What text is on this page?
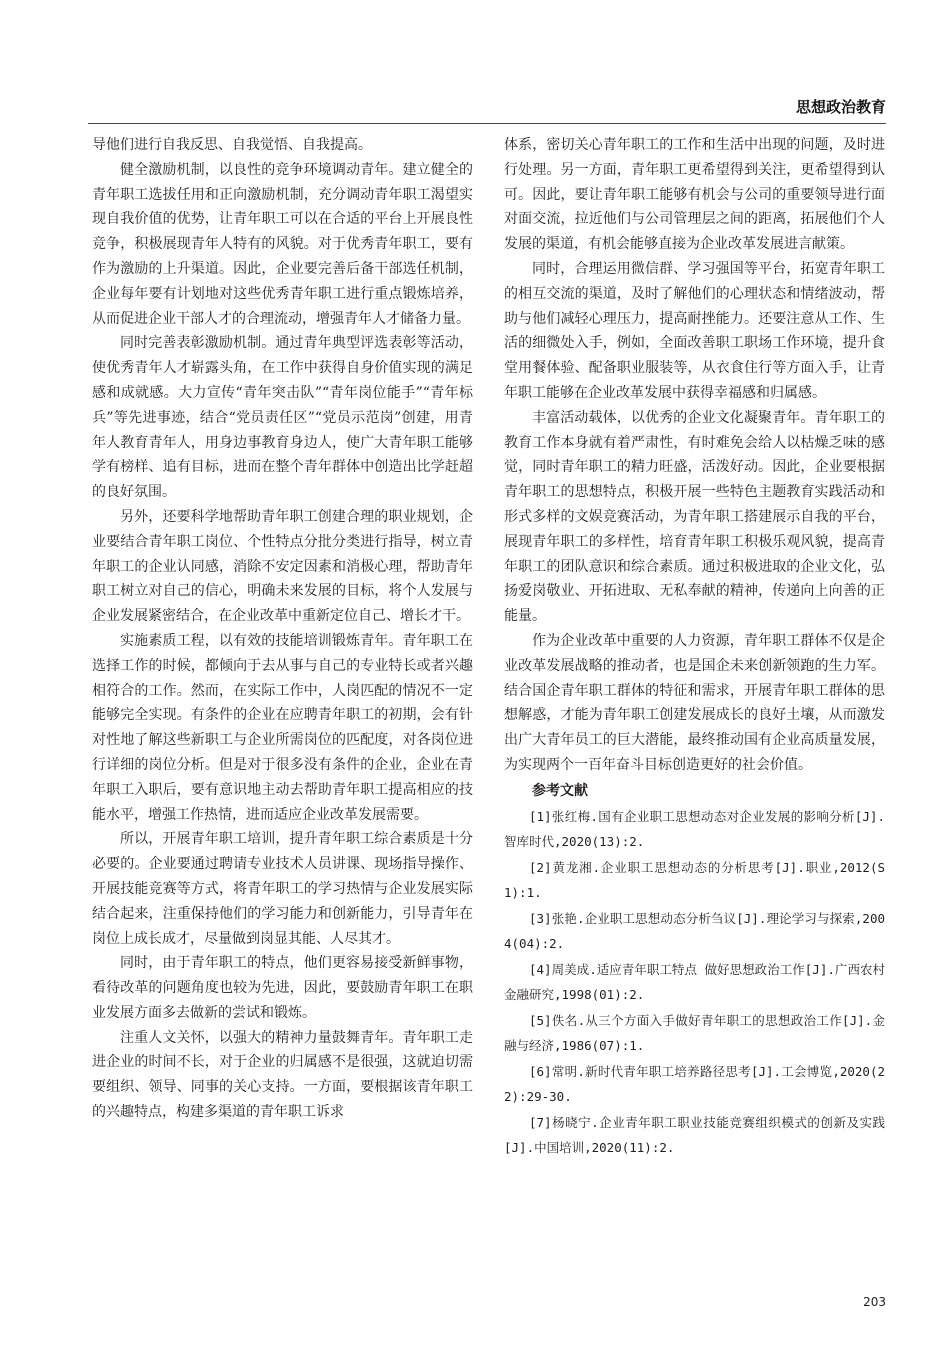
思想政治教育

导他们进行自我反思、自我觉悟、自我提高。

健全激励机制，以良性的竞争环境调动青年。建立健全的青年职工选拔任用和正向激励机制，充分调动青年职工渴望实现自我价值的优势，让青年职工可以在合适的平台上开展良性竞争，积极展现青年人特有的风貌。对于优秀青年职工，要有作为激励的上升渠道。因此，企业要完善后备干部选任机制，企业每年要有计划地对这些优秀青年职工进行重点锻炼培养，从而促进企业干部人才的合理流动，增强青年人才储备力量。

同时完善表彰激励机制。通过青年典型评选表彰等活动，使优秀青年人才崭露头角，在工作中获得自身价值实现的满足感和成就感。大力宣传“青年突击队”“青年岗位能手”“青年标兵”等先进事迹，结合“党员责任区”“党员示范岗”创建，用青年人教育青年人，用身边事教育身边人，使广大青年职工能够学有榜样、追有目标，进而在整个青年群体中创造出比学赶超的良好氛围。

另外，还要科学地帮助青年职工创建合理的职业规划，企业要结合青年职工岗位、个性特点分批分类进行指导，树立青年职工的企业认同感，消除不安定因素和消极心理，帮助青年职工树立对自己的信心，明确未来发展的目标，将个人发展与企业发展紧密结合，在企业改革中重新定位自己、增长才干。

实施素质工程，以有效的技能培训锻炼青年。青年职工在选择工作的时候，都倾向于去从事与自己的专业特长或者兴趣相符合的工作。然而，在实际工作中，人岗匹配的情况不一定能够完全实现。有条件的企业在应聘青年职工的初期，会有针对性地了解这些新职工与企业所需岗位的匹配度，对各岗位进行详细的岗位分析。但是对于很多没有条件的企业，企业在青年职工入职后，要有意识地主动去帮助青年职工提高相应的技能水平，增强工作热情，进而适应企业改革发展需要。

所以，开展青年职工培训，提升青年职工综合素质是十分必要的。企业要通过聘请专业技术人员讲课、现场指导操作、开展技能竞赛等方式，将青年职工的学习热情与企业发展实际结合起来，注重保持他们的学习能力和创新能力，引导青年在岗位上成长成才，尽量做到岗显其能、人尽其才。

同时，由于青年职工的特点，他们更容易接受新鲜事物，看待改革的问题角度也较为先进，因此，要鼓励青年职工在职业发展方面多去做新的尝试和锻炼。

注重人文关怀，以强大的精神力量鼓舞青年。青年职工走进企业的时间不长，对于企业的归属感不是很强，这就迫切需要组织、领导、同事的关心支持。一方面，要根据该青年职工的兴趣特点，构建多渠道的青年职工诉求

体系，密切关心青年职工的工作和生活中出现的问题，及时进行处理。另一方面，青年职工更希望得到关注，更希望得到认可。因此，要让青年职工能够有机会与公司的重要领导进行面对面交流，拉近他们与公司管理层之间的距离，拓展他们个人发展的渠道，有机会能够直接为企业改革发展进言献策。

同时，合理运用微信群、学习强国等平台，拓宽青年职工的相互交流的渠道，及时了解他们的心理状态和情绪波动，帮助与他们减轻心理压力，提高耐挫能力。还要注意从工作、生活的细微处入手，例如，全面改善职工职场工作环境，提升食堂用餐体验、配备职业服装等，从衣食住行等方面入手，让青年职工能够在企业改革发展中获得幸福感和归属感。

丰富活动载体，以优秀的企业文化凝聚青年。青年职工的教育工作本身就有着严肃性，有时难免会给人以枯燥乏味的感觉，同时青年职工的精力旺盛，活泼好动。因此，企业要根据青年职工的思想特点，积极开展一些特色主题教育实践活动和形式多样的文娱竞赛活动，为青年职工搭建展示自我的平台，展现青年职工的多样性，培育青年职工积极乐观风貌，提高青年职工的团队意识和综合素质。通过积极进取的企业文化，弘扬爱岗敬业、开拓进取、无私奉献的精神，传递向上向善的正能量。

作为企业改革中重要的人力资源，青年职工群体不仅是企业改革发展战略的推动者，也是国企未来创新领跑的生力军。结合国企青年职工群体的特征和需求，开展青年职工群体的思想解惑，才能为青年职工创建发展成长的良好土壤，从而激发出广大青年员工的巨大潜能，最终推动国有企业高质量发展，为实现两个一百年奋斗目标创造更好的社会价值。

参考文献

[1]张红梅.国有企业职工思想动态对企业发展的影响分析[J].智库时代,2020(13):2.

[2]黄龙湘.企业职工思想动态的分析思考[J].职业,2012(S1):1.

[3]张艳.企业职工思想动态分析刍议[J].理论学习与探索,2004(04):2.

[4]周美成.适应青年职工特点 做好思想政治工作[J].广西农村金融研究,1998(01):2.

[5]佚名.从三个方面入手做好青年职工的思想政治工作[J].金融与经济,1986(07):1.

[6]常明.新时代青年职工培养路径思考[J].工会博览,2020(22):29-30.

[7]杨晓宁.企业青年职工职业技能竞赛组织模式的创新及实践[J].中国培训,2020(11):2.

203
